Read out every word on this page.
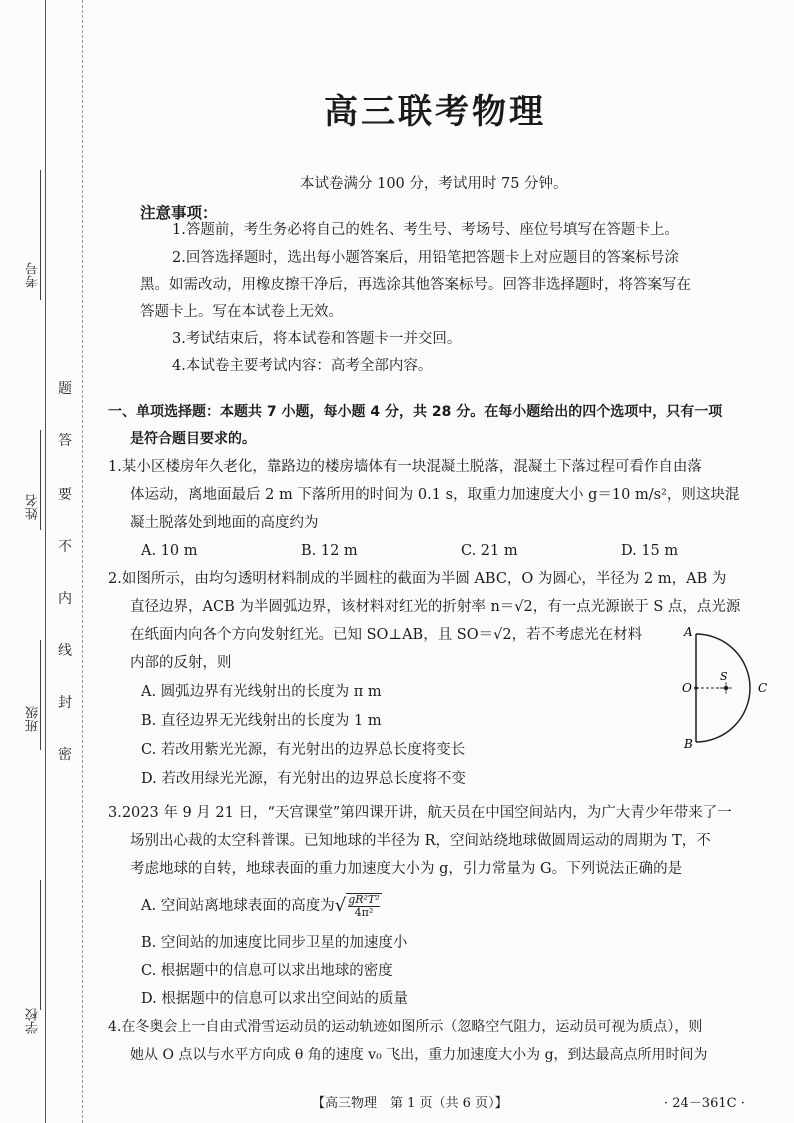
考号
姓名
班级
学校
题
答
要
不
内
线
封
密
高三联考物理
本试卷满分 100 分，考试用时 75 分钟。
注意事项：
1.答题前，考生务必将自己的姓名、考生号、考场号、座位号填写在答题卡上。
2.回答选择题时，选出每小题答案后，用铅笔把答题卡上对应题目的答案标号涂
黑。如需改动，用橡皮擦干净后，再选涂其他答案标号。回答非选择题时，将答案写在
答题卡上。写在本试卷上无效。
3.考试结束后，将本试卷和答题卡一并交回。
4.本试卷主要考试内容：高考全部内容。
一、单项选择题：本题共 7 小题，每小题 4 分，共 28 分。在每小题给出的四个选项中，只有一项
是符合题目要求的。
1.某小区楼房年久老化，靠路边的楼房墙体有一块混凝土脱落，混凝土下落过程可看作自由落
体运动，离地面最后 2 m 下落所用的时间为 0.1 s，取重力加速度大小 g＝10 m/s²，则这块混
凝土脱落处到地面的高度约为
A. 10 m	B. 12 m	C. 21 m	D. 15 m
2.如图所示，由均匀透明材料制成的半圆柱的截面为半圆 ABC，O 为圆心，半径为 2 m，AB 为
直径边界，ACB 为半圆弧边界，该材料对红光的折射率 n＝√2，有一点光源嵌于 S 点，点光源
在纸面内向各个方向发射红光。已知 SO⊥AB，且 SO＝√2，若不考虑光在材料
内部的反射，则
A. 圆弧边界有光线射出的长度为 π m
B. 直径边界无光线射出的长度为 1 m
C. 若改用紫光光源，有光射出的边界总长度将变长
D. 若改用绿光光源，有光射出的边界总长度将不变
A
B
C
O
S
3.2023 年 9 月 21 日，“天宫课堂”第四课开讲，航天员在中国空间站内，为广大青少年带来了一
场别出心裁的太空科普课。已知地球的半径为 R，空间站绕地球做圆周运动的周期为 T，不
考虑地球的自转，地球表面的重力加速度大小为 g，引力常量为 G。下列说法正确的是
A. 空间站离地球表面的高度为√ $\frac{\text{gR²T²}}{\text{4π²}}$
B. 空间站的加速度比同步卫星的加速度小
C. 根据题中的信息可以求出地球的密度
D. 根据题中的信息可以求出空间站的质量
4.在冬奥会上一自由式滑雪运动员的运动轨迹如图所示（忽略空气阻力，运动员可视为质点），则
她从 O 点以与水平方向成 θ 角的速度 v₀ 飞出，重力加速度大小为 g，到达最高点所用时间为
【高三物理　第 1 页（共 6 页）】	· 24－361C ·
